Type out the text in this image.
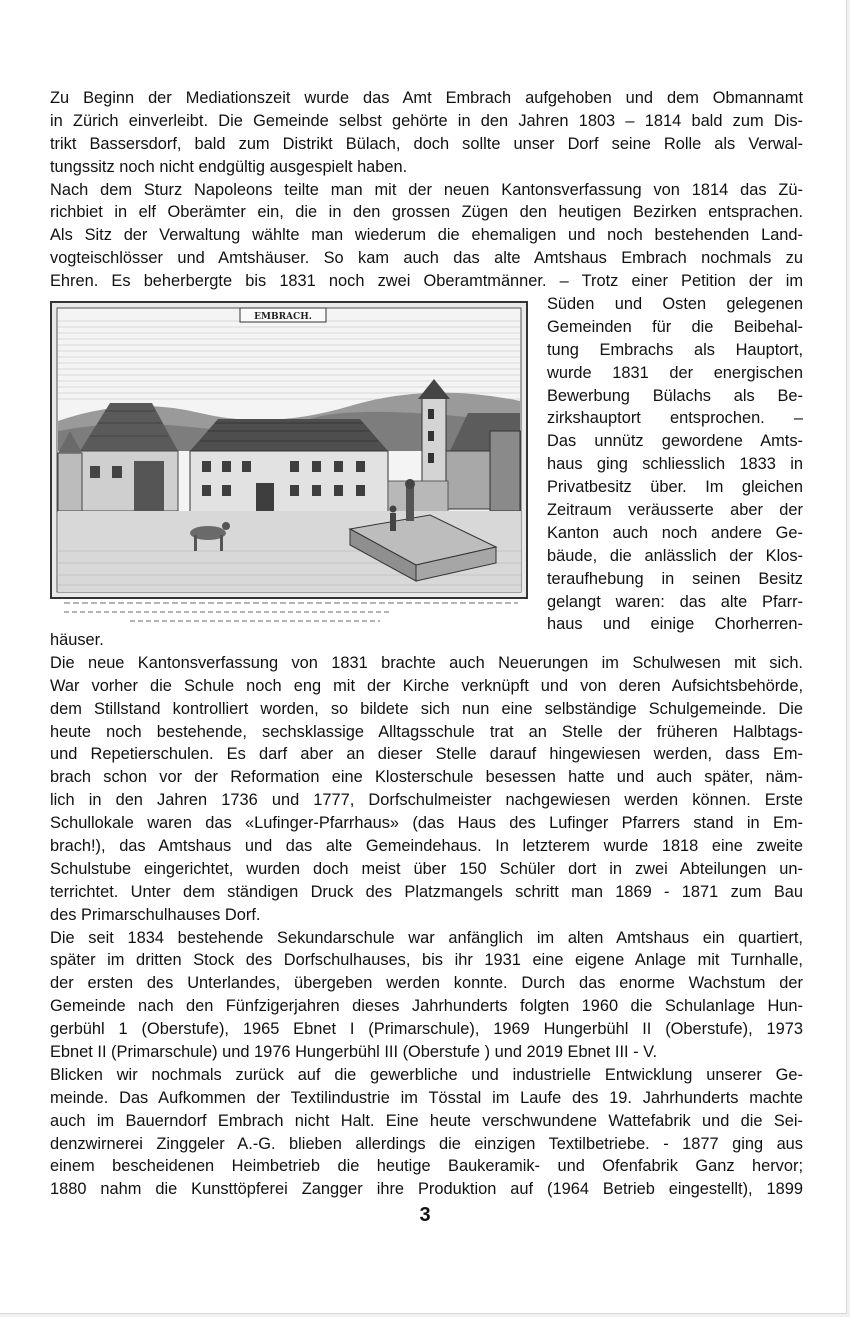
Zu Beginn der Mediationszeit wurde das Amt Embrach aufgehoben und dem Obmannamt
in Zürich einverleibt. Die Gemeinde selbst gehörte in den Jahren 1803 – 1814 bald zum Dis-
trikt Bassersdorf, bald zum Distrikt Bülach, doch sollte unser Dorf seine Rolle als Verwal-
tungssitz noch nicht endgültig ausgespielt haben.
Nach dem Sturz Napoleons teilte man mit der neuen Kantonsverfassung von 1814 das Zü-
richbiet in elf Oberämter ein, die in den grossen Zügen den heutigen Bezirken entsprachen.
Als Sitz der Verwaltung wählte man wiederum die ehemaligen und noch bestehenden Land-
vogteischlösser und Amtshäuser. So kam auch das alte Amtshaus Embrach nochmals zu
Ehren. Es beherbergte bis 1831 noch zwei Oberamtmänner. – Trotz einer Petition der im
EMBRACH.
Süden und Osten gelegenen
Gemeinden für die Beibehal-
tung Embrachs als Hauptort,
wurde 1831 der energischen
Bewerbung Bülachs als Be-
zirkshauptort entsprochen. –
Das unnütz gewordene Amts-
haus ging schliesslich 1833 in
Privatbesitz über. Im gleichen
Zeitraum veräusserte aber der
Kanton auch noch andere Ge-
bäude, die anlässlich der Klos-
teraufhebung in seinen Besitz
gelangt waren: das alte Pfarr-
haus und einige Chorherren-
häuser.
Die neue Kantonsverfassung von 1831 brachte auch Neuerungen im Schulwesen mit sich.
War vorher die Schule noch eng mit der Kirche verknüpft und von deren Aufsichtsbehörde,
dem Stillstand kontrolliert worden, so bildete sich nun eine selbständige Schulgemeinde. Die
heute noch bestehende, sechsklassige Alltagsschule trat an Stelle der früheren Halbtags-
und Repetierschulen. Es darf aber an dieser Stelle darauf hingewiesen werden, dass Em-
brach schon vor der Reformation eine Klosterschule besessen hatte und auch später, näm-
lich in den Jahren 1736 und 1777, Dorfschulmeister nachgewiesen werden können. Erste
Schullokale waren das «Lufinger-Pfarrhaus» (das Haus des Lufinger Pfarrers stand in Em-
brach!), das Amtshaus und das alte Gemeindehaus. In letzterem wurde 1818 eine zweite
Schulstube eingerichtet, wurden doch meist über 150 Schüler dort in zwei Abteilungen un-
terrichtet. Unter dem ständigen Druck des Platzmangels schritt man 1869 - 1871 zum Bau
des Primarschulhauses Dorf.
Die seit 1834 bestehende Sekundarschule war anfänglich im alten Amtshaus ein quartiert,
später im dritten Stock des Dorfschulhauses, bis ihr 1931 eine eigene Anlage mit Turnhalle,
der ersten des Unterlandes, übergeben werden konnte. Durch das enorme Wachstum der
Gemeinde nach den Fünfzigerjahren dieses Jahrhunderts folgten 1960 die Schulanlage Hun-
gerbühl 1 (Oberstufe), 1965 Ebnet I (Primarschule), 1969 Hungerbühl II (Oberstufe), 1973
Ebnet II (Primarschule) und 1976 Hungerbühl III (Oberstufe ) und 2019 Ebnet III - V.
Blicken wir nochmals zurück auf die gewerbliche und industrielle Entwicklung unserer Ge-
meinde. Das Aufkommen der Textilindustrie im Tösstal im Laufe des 19. Jahrhunderts machte
auch im Bauerndorf Embrach nicht Halt. Eine heute verschwundene Wattefabrik und die Sei-
denzwirnerei Zinggeler A.-G. blieben allerdings die einzigen Textilbetriebe. - 1877 ging aus
einem bescheidenen Heimbetrieb die heutige Baukeramik- und Ofenfabrik Ganz hervor;
1880 nahm die Kunsttöpferei Zangger ihre Produktion auf (1964 Betrieb eingestellt), 1899
3
